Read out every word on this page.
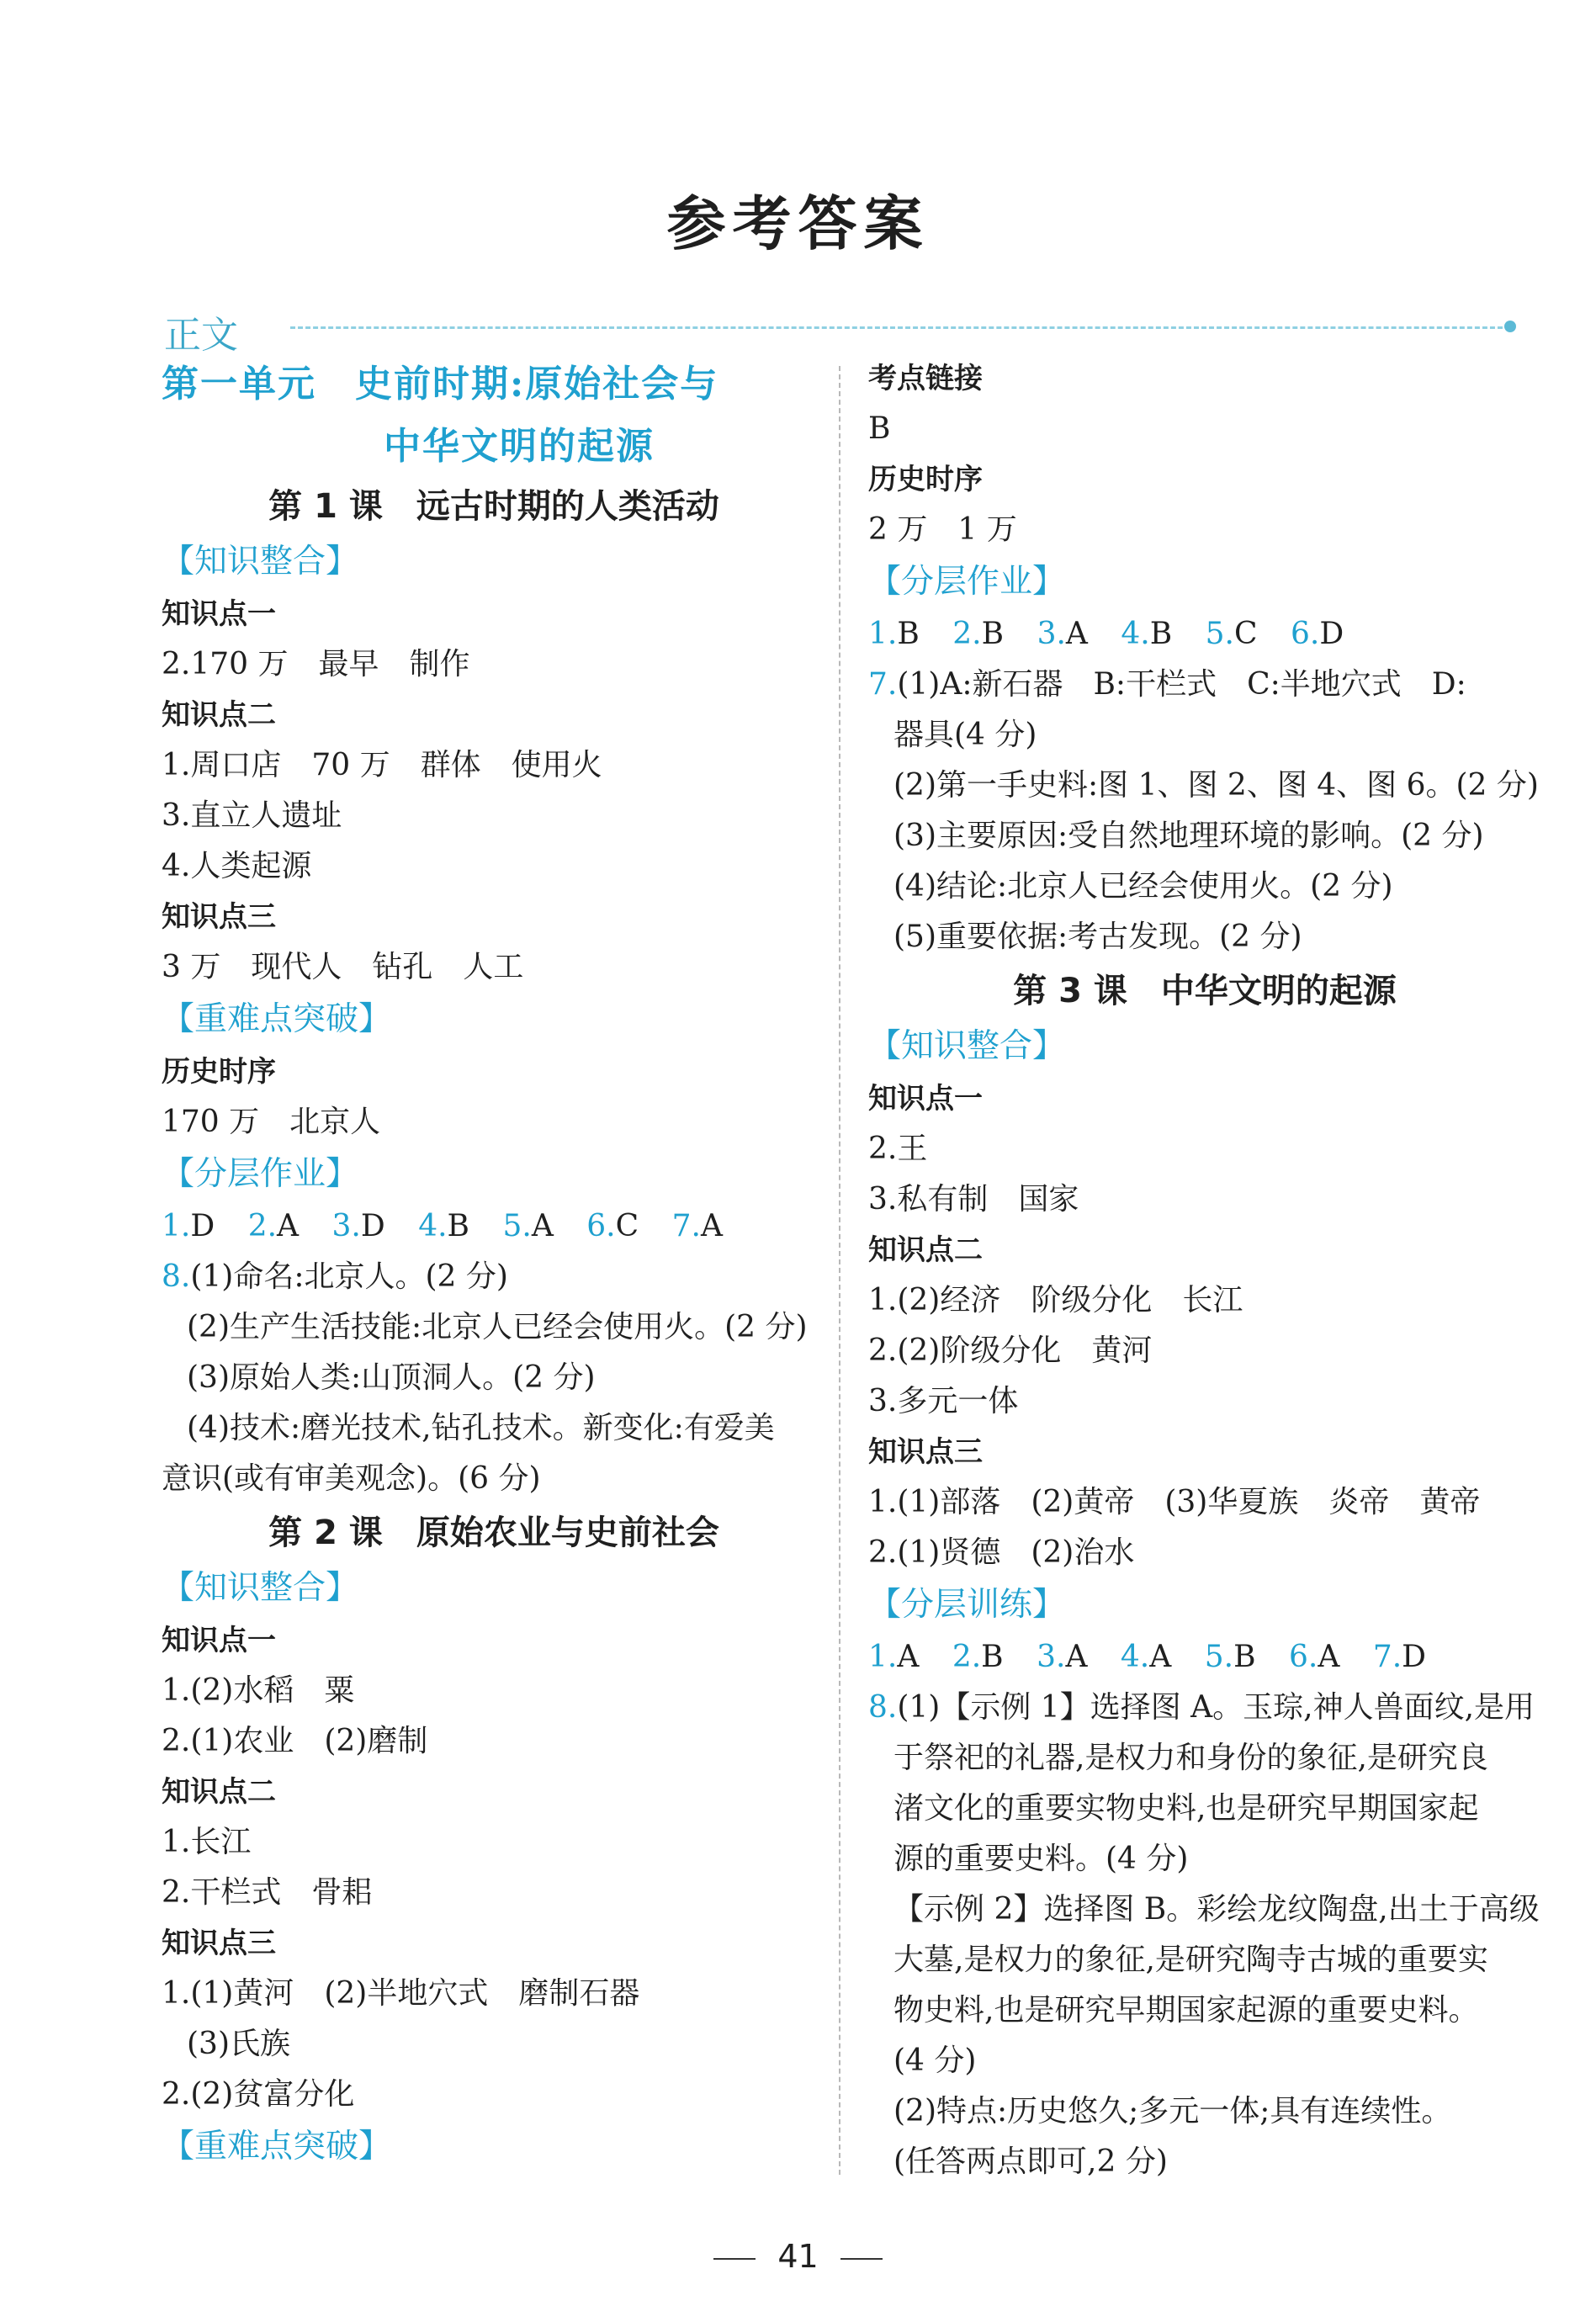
参考答案
正文
第一单元　史前时期:原始社会与
中华文明的起源
第 1 课　远古时期的人类活动
【知识整合】
知识点一
2.170 万　最早　制作
知识点二
1.周口店　70 万　群体　使用火
3.直立人遗址
4.人类起源
知识点三
3 万　现代人　钻孔　人工
【重难点突破】
历史时序
170 万　北京人
【分层作业】
1.D 2.A 3.D 4.B 5.A 6.C 7.A
8.(1)命名:北京人。(2 分)
(2)生产生活技能:北京人已经会使用火。(2 分)
(3)原始人类:山顶洞人。(2 分)
(4)技术:磨光技术,钻孔技术。新变化:有爱美
意识(或有审美观念)。(6 分)
第 2 课　原始农业与史前社会
【知识整合】
知识点一
1.(2)水稻　粟
2.(1)农业　(2)磨制
知识点二
1.长江
2.干栏式　骨耜
知识点三
1.(1)黄河　(2)半地穴式　磨制石器
(3)氏族
2.(2)贫富分化
【重难点突破】
考点链接
B
历史时序
2 万　1 万
【分层作业】
1.B 2.B 3.A 4.B 5.C 6.D
7.(1)A:新石器　B:干栏式　C:半地穴式　D:
器具(4 分)
(2)第一手史料:图 1、图 2、图 4、图 6。(2 分)
(3)主要原因:受自然地理环境的影响。(2 分)
(4)结论:北京人已经会使用火。(2 分)
(5)重要依据:考古发现。(2 分)
第 3 课　中华文明的起源
【知识整合】
知识点一
2.王
3.私有制　国家
知识点二
1.(2)经济　阶级分化　长江
2.(2)阶级分化　黄河
3.多元一体
知识点三
1.(1)部落　(2)黄帝　(3)华夏族　炎帝　黄帝
2.(1)贤德　(2)治水
【分层训练】
1.A 2.B 3.A 4.A 5.B 6.A 7.D
8.(1)【示例 1】选择图 A。玉琮,神人兽面纹,是用
于祭祀的礼器,是权力和身份的象征,是研究良
渚文化的重要实物史料,也是研究早期国家起
源的重要史料。(4 分)
【示例 2】选择图 B。彩绘龙纹陶盘,出土于高级
大墓,是权力的象征,是研究陶寺古城的重要实
物史料,也是研究早期国家起源的重要史料。
(4 分)
(2)特点:历史悠久;多元一体;具有连续性。
(任答两点即可,2 分)
41
